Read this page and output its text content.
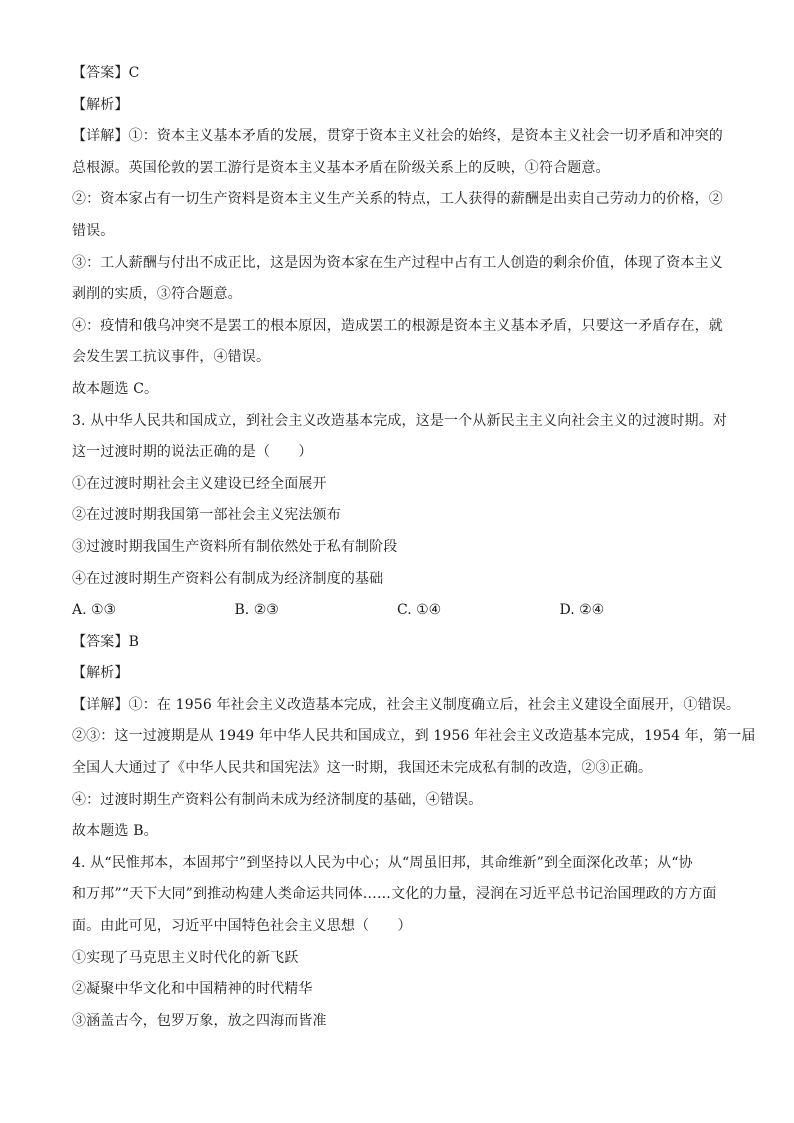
【答案】C
【解析】
【详解】①：资本主义基本矛盾的发展，贯穿于资本主义社会的始终，是资本主义社会一切矛盾和冲突的
总根源。英国伦敦的罢工游行是资本主义基本矛盾在阶级关系上的反映，①符合题意。
②：资本家占有一切生产资料是资本主义生产关系的特点，工人获得的薪酬是出卖自己劳动力的价格，②
错误。
③：工人薪酬与付出不成正比，这是因为资本家在生产过程中占有工人创造的剩余价值，体现了资本主义
剥削的实质，③符合题意。
④：疫情和俄乌冲突不是罢工的根本原因，造成罢工的根源是资本主义基本矛盾，只要这一矛盾存在，就
会发生罢工抗议事件，④错误。
故本题选 C。
3. 从中华人民共和国成立，到社会主义改造基本完成，这是一个从新民主主义向社会主义的过渡时期。对
这一过渡时期的说法正确的是（　　）
①在过渡时期社会主义建设已经全面展开
②在过渡时期我国第一部社会主义宪法颁布
③过渡时期我国生产资料所有制依然处于私有制阶段
④在过渡时期生产资料公有制成为经济制度的基础
A. ①③	B. ②③	C. ①④	D. ②④
【答案】B
【解析】
【详解】①：在 1956 年社会主义改造基本完成，社会主义制度确立后，社会主义建设全面展开，①错误。
②③：这一过渡期是从 1949 年中华人民共和国成立，到 1956 年社会主义改造基本完成，1954 年，第一届
全国人大通过了《中华人民共和国宪法》这一时期，我国还未完成私有制的改造，②③正确。
④：过渡时期生产资料公有制尚未成为经济制度的基础，④错误。
故本题选 B。
4. 从“民惟邦本，本固邦宁”到坚持以人民为中心；从“周虽旧邦，其命维新”到全面深化改革；从“协
和万邦”“天下大同”到推动构建人类命运共同体……文化的力量，浸润在习近平总书记治国理政的方方面
面。由此可见，习近平中国特色社会主义思想（　　）
①实现了马克思主义时代化的新飞跃
②凝聚中华文化和中国精神的时代精华
③涵盖古今，包罗万象，放之四海而皆准
